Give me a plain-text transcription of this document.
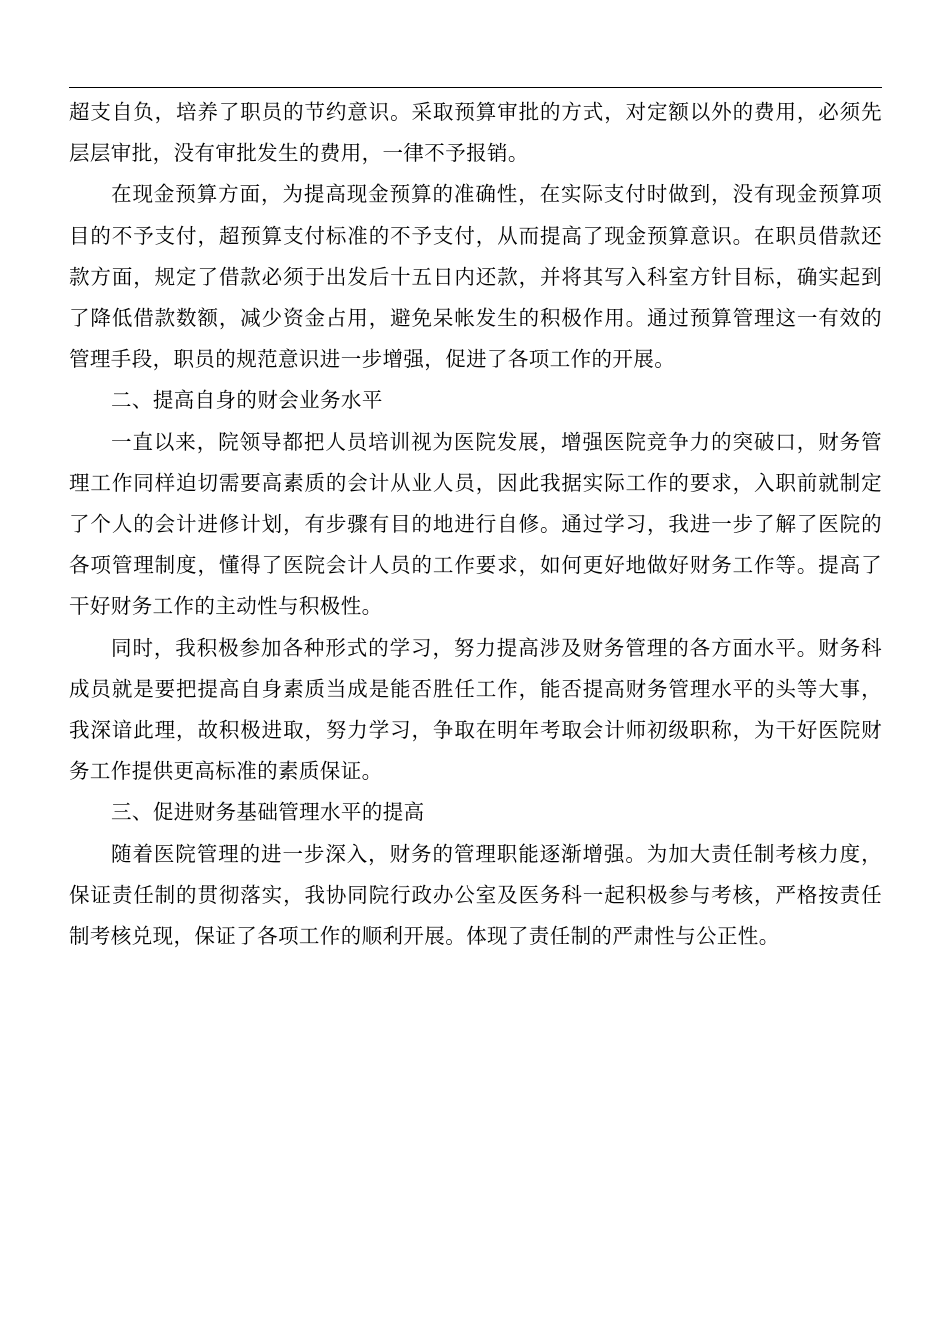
超支自负，培养了职员的节约意识。采取预算审批的方式，对定额以外的费用，必须先层层审批，没有审批发生的费用，一律不予报销。

在现金预算方面，为提高现金预算的准确性，在实际支付时做到，没有现金预算项目的不予支付，超预算支付标准的不予支付，从而提高了现金预算意识。在职员借款还款方面，规定了借款必须于出发后十五日内还款，并将其写入科室方针目标，确实起到了降低借款数额，减少资金占用，避免呆帐发生的积极作用。通过预算管理这一有效的管理手段，职员的规范意识进一步增强，促进了各项工作的开展。

二、提高自身的财会业务水平

一直以来，院领导都把人员培训视为医院发展，增强医院竞争力的突破口，财务管理工作同样迫切需要高素质的会计从业人员，因此我据实际工作的要求，入职前就制定了个人的会计进修计划，有步骤有目的地进行自修。通过学习，我进一步了解了医院的各项管理制度，懂得了医院会计人员的工作要求，如何更好地做好财务工作等。提高了干好财务工作的主动性与积极性。

同时，我积极参加各种形式的学习，努力提高涉及财务管理的各方面水平。财务科成员就是要把提高自身素质当成是能否胜任工作，能否提高财务管理水平的头等大事，我深谙此理，故积极进取，努力学习，争取在明年考取会计师初级职称，为干好医院财务工作提供更高标准的素质保证。

三、促进财务基础管理水平的提高

随着医院管理的进一步深入，财务的管理职能逐渐增强。为加大责任制考核力度，保证责任制的贯彻落实，我协同院行政办公室及医务科一起积极参与考核，严格按责任制考核兑现，保证了各项工作的顺利开展。体现了责任制的严肃性与公正性。
